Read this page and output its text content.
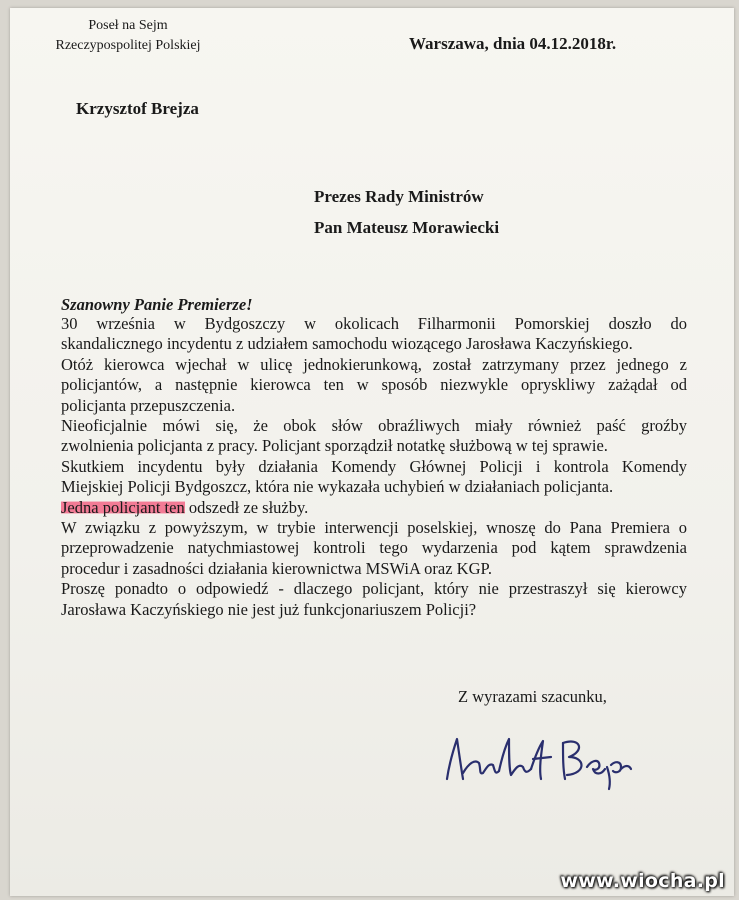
Poseł na Sejm
Rzeczypospolitej Polskiej	Warszawa, dnia 04.12.2018r.
Krzysztof Brejza
Prezes Rady Ministrów
Pan Mateusz Morawiecki
Szanowny Panie Premierze!
30 września w Bydgoszczy w okolicach Filharmonii Pomorskiej doszło do
skandalicznego incydentu z udziałem samochodu wiozącego Jarosława Kaczyńskiego.
Otóż kierowca wjechał w ulicę jednokierunkową, został zatrzymany przez jednego z
policjantów, a następnie kierowca ten w sposób niezwykle opryskliwy zażądał od
policjanta przepuszczenia.
Nieoficjalnie mówi się, że obok słów obraźliwych miały również paść groźby
zwolnienia policjanta z pracy. Policjant sporządził notatkę służbową w tej sprawie.
Skutkiem incydentu były działania Komendy Głównej Policji i kontrola Komendy
Miejskiej Policji Bydgoszcz, która nie wykazała uchybień w działaniach policjanta.
Jedna policjant ten odszedł ze służby.
W związku z powyższym, w trybie interwencji poselskiej, wnoszę do Pana Premiera o
przeprowadzenie natychmiastowej kontroli tego wydarzenia pod kątem sprawdzenia
procedur i zasadności działania kierownictwa MSWiA oraz KGP.
Proszę ponadto o odpowiedź - dlaczego policjant, który nie przestraszył się kierowcy
Jarosława Kaczyńskiego nie jest już funkcjonariuszem Policji?
Z wyrazami szacunku,
www.wiocha.pl
